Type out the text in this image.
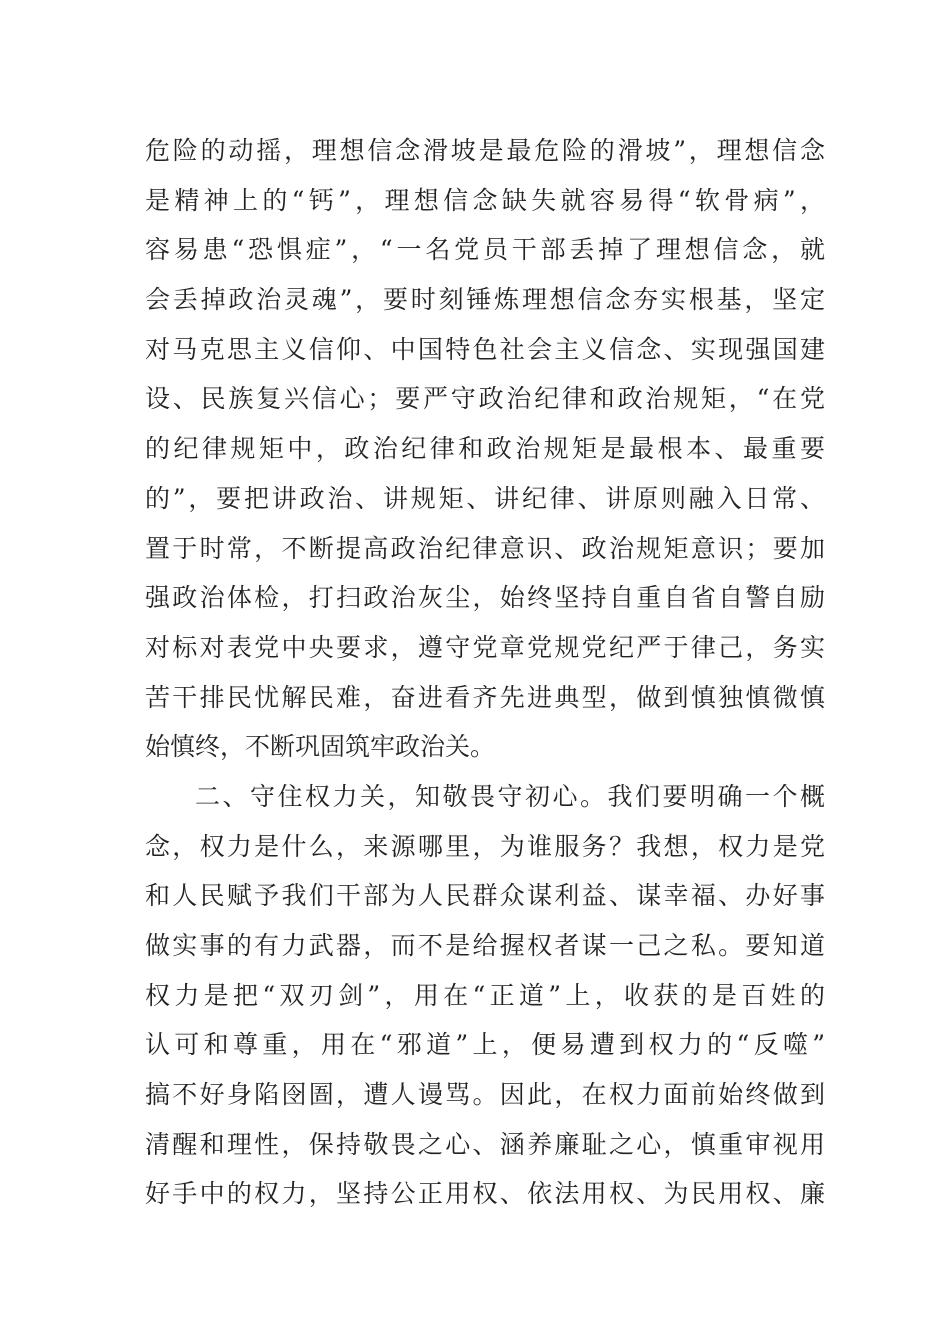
危险的动摇，理想信念滑坡是最危险的滑坡”，理想信念
是精神上的“钙”，理想信念缺失就容易得“软骨病”，
容易患“恐惧症”，“一名党员干部丢掉了理想信念，就
会丢掉政治灵魂”，要时刻锤炼理想信念夯实根基，坚定
对马克思主义信仰、中国特色社会主义信念、实现强国建
设、民族复兴信心；要严守政治纪律和政治规矩，“在党
的纪律规矩中，政治纪律和政治规矩是最根本、最重要
的”，要把讲政治、讲规矩、讲纪律、讲原则融入日常、
置于时常，不断提高政治纪律意识、政治规矩意识；要加
强政治体检，打扫政治灰尘，始终坚持自重自省自警自励
对标对表党中央要求，遵守党章党规党纪严于律己，务实
苦干排民忧解民难，奋进看齐先进典型，做到慎独慎微慎
始慎终，不断巩固筑牢政治关。
二、守住权力关，知敬畏守初心。我们要明确一个概
念，权力是什么，来源哪里，为谁服务？我想，权力是党
和人民赋予我们干部为人民群众谋利益、谋幸福、办好事
做实事的有力武器，而不是给握权者谋一己之私。要知道
权力是把“双刃剑”，用在“正道”上，收获的是百姓的
认可和尊重，用在“邪道”上，便易遭到权力的“反噬”
搞不好身陷囹圄，遭人谩骂。因此，在权力面前始终做到
清醒和理性，保持敬畏之心、涵养廉耻之心，慎重审视用
好手中的权力，坚持公正用权、依法用权、为民用权、廉
